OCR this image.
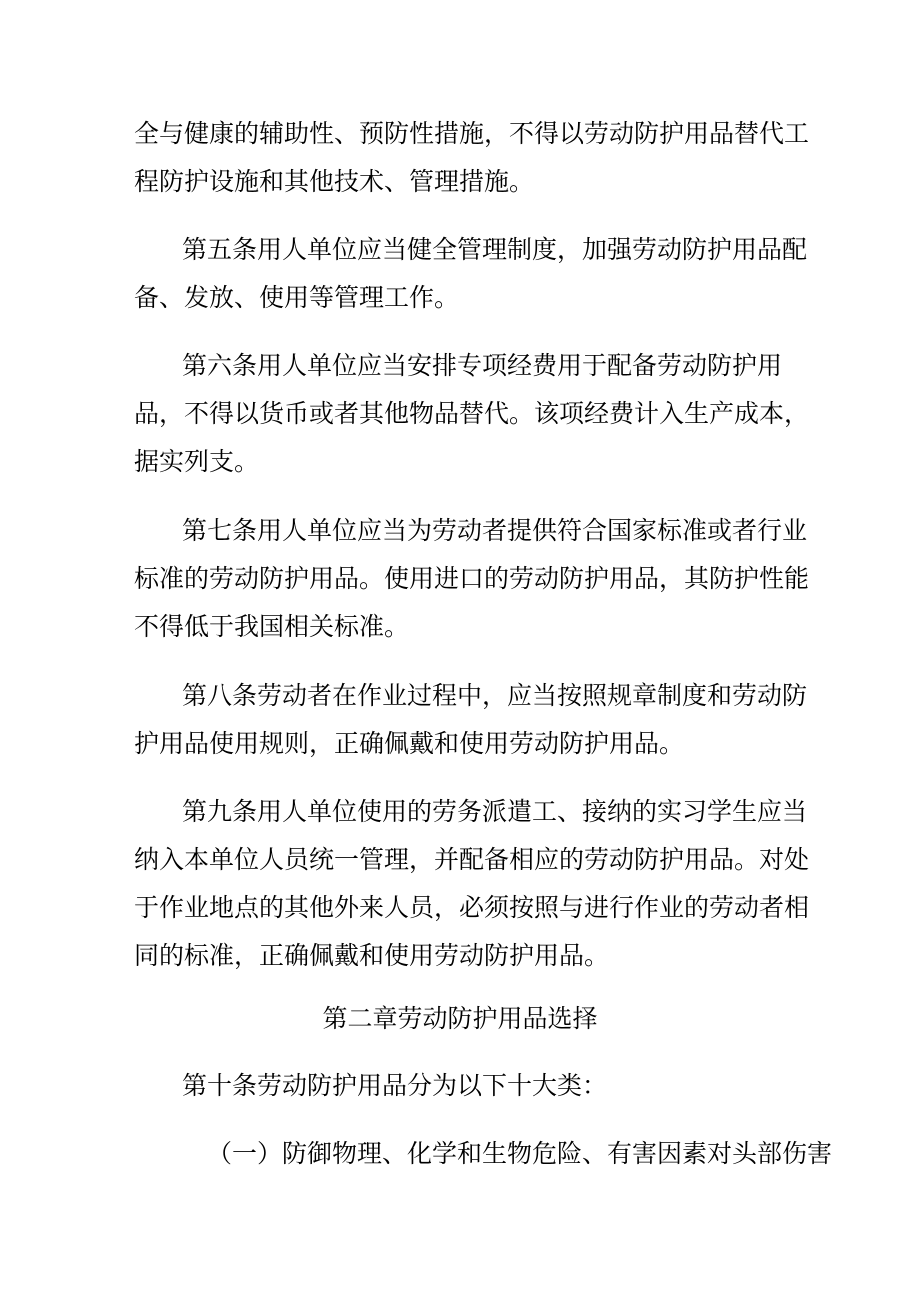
全与健康的辅助性、预防性措施，不得以劳动防护用品替代工
程防护设施和其他技术、管理措施。
第五条用人单位应当健全管理制度，加强劳动防护用品配
备、发放、使用等管理工作。
第六条用人单位应当安排专项经费用于配备劳动防护用
品，不得以货币或者其他物品替代。该项经费计入生产成本，
据实列支。
第七条用人单位应当为劳动者提供符合国家标准或者行业
标准的劳动防护用品。使用进口的劳动防护用品，其防护性能
不得低于我国相关标准。
第八条劳动者在作业过程中，应当按照规章制度和劳动防
护用品使用规则，正确佩戴和使用劳动防护用品。
第九条用人单位使用的劳务派遣工、接纳的实习学生应当
纳入本单位人员统一管理，并配备相应的劳动防护用品。对处
于作业地点的其他外来人员，必须按照与进行作业的劳动者相
同的标准，正确佩戴和使用劳动防护用品。
第二章劳动防护用品选择
第十条劳动防护用品分为以下十大类：
（一）防御物理、化学和生物危险、有害因素对头部伤害
